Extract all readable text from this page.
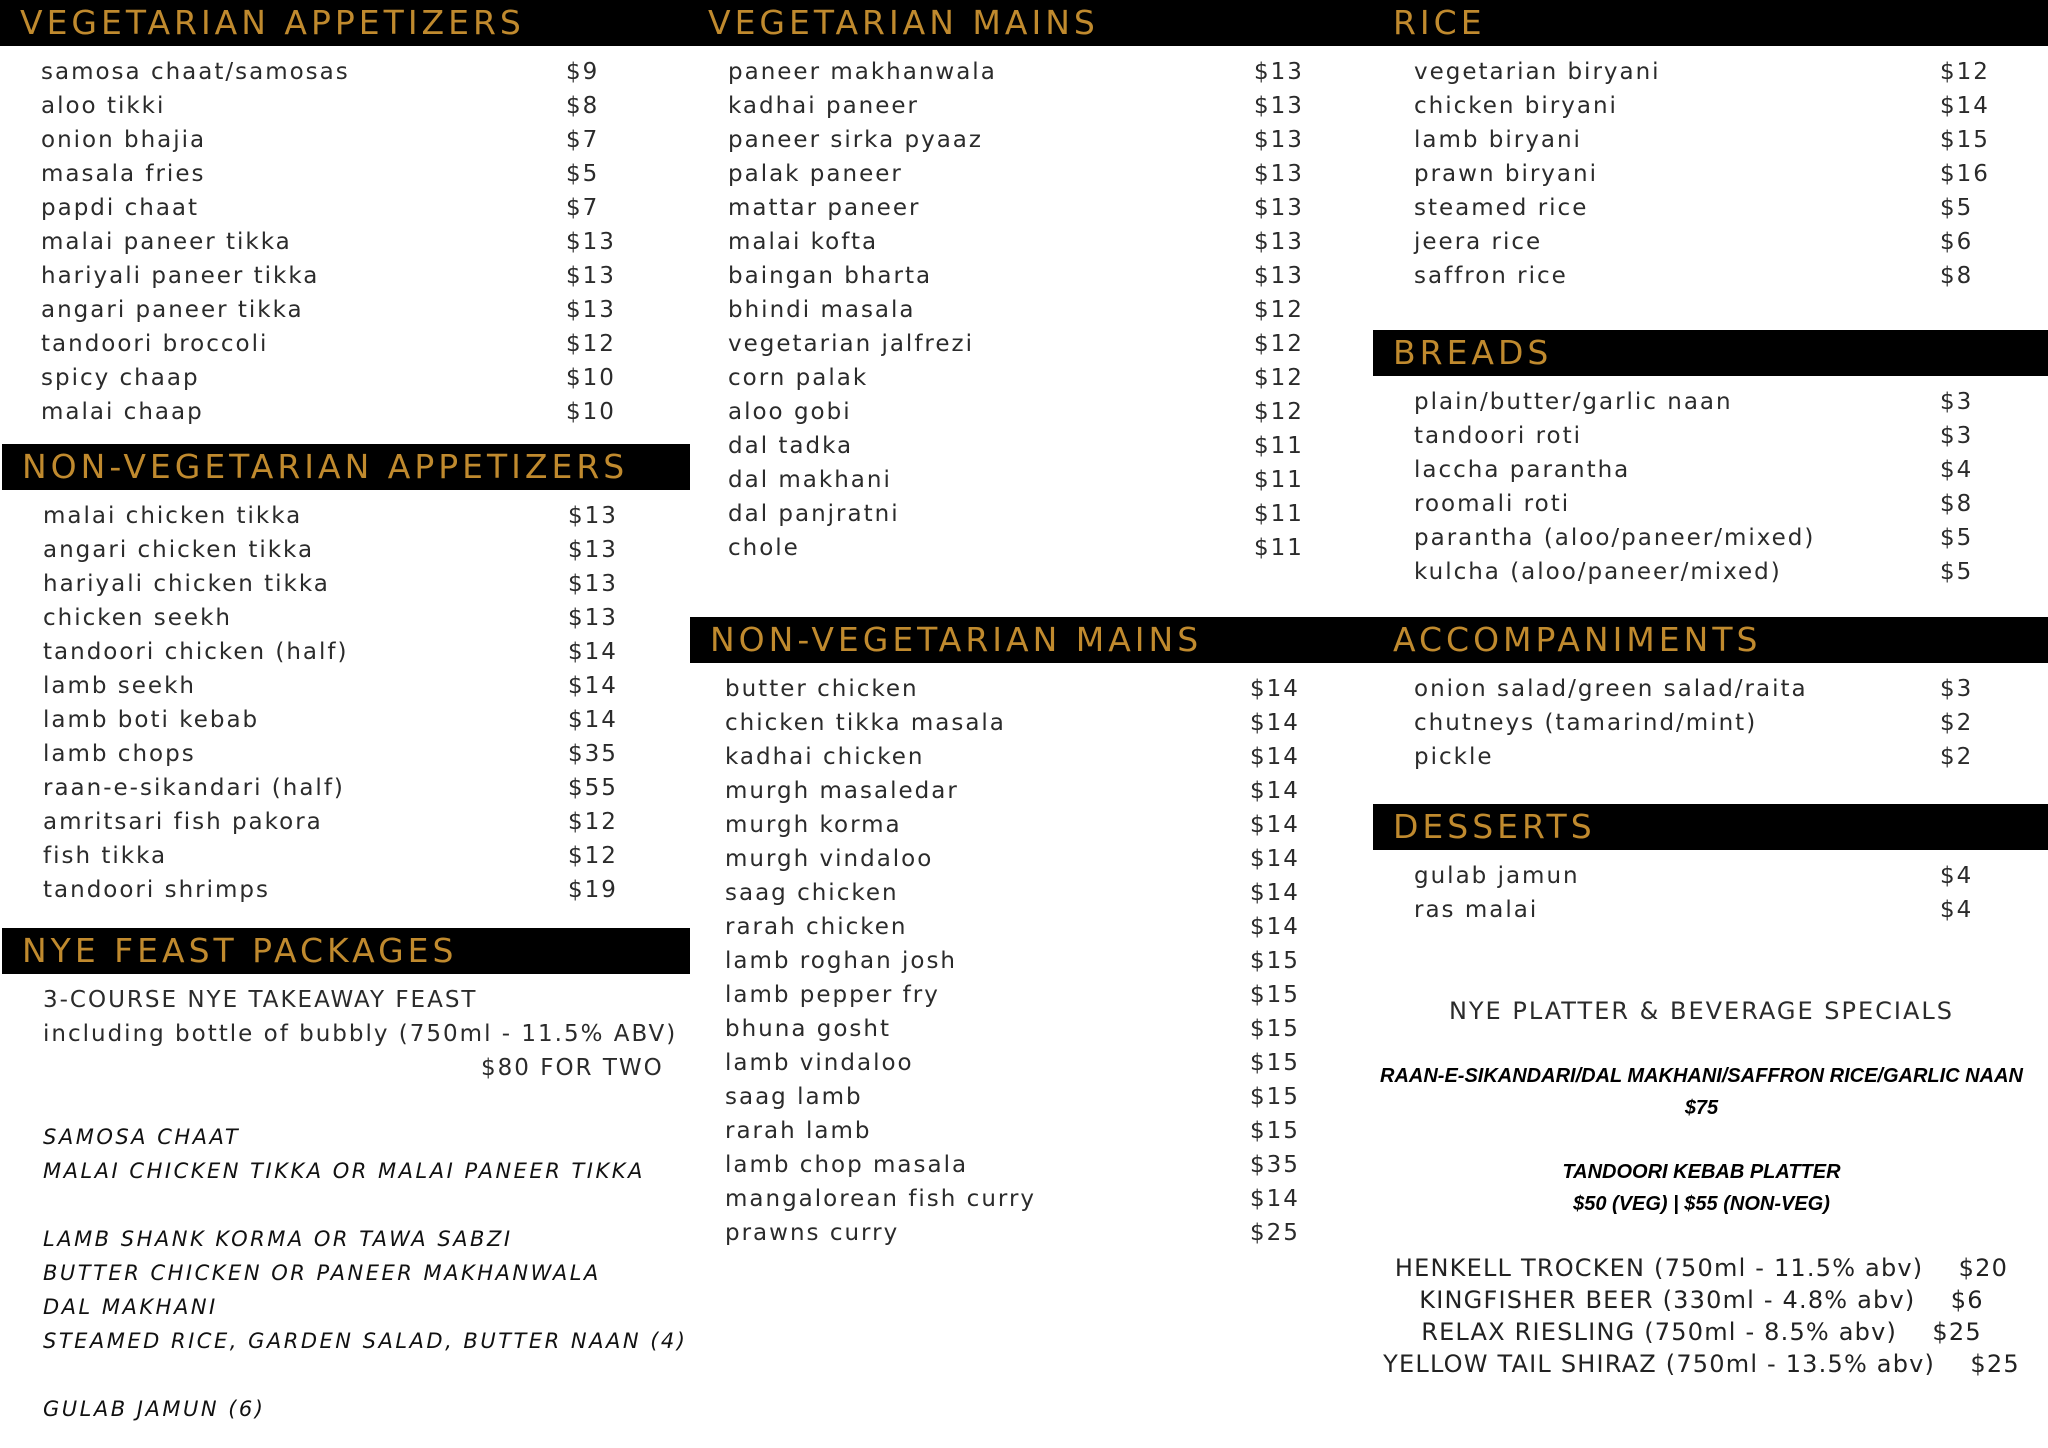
VEGETARIAN APPETIZERS
samosa chaat/samosas	$9
aloo tikki	$8
onion bhajia	$7
masala fries	$5
papdi chaat	$7
malai paneer tikka	$13
hariyali paneer tikka	$13
angari paneer tikka	$13
tandoori broccoli	$12
spicy chaap	$10
malai chaap	$10
NON-VEGETARIAN APPETIZERS
malai chicken tikka	$13
angari chicken tikka	$13
hariyali chicken tikka	$13
chicken seekh	$13
tandoori chicken (half)	$14
lamb seekh	$14
lamb boti kebab	$14
lamb chops	$35
raan-e-sikandari (half)	$55
amritsari fish pakora	$12
fish tikka	$12
tandoori shrimps	$19
NYE FEAST PACKAGES
3-COURSE NYE TAKEAWAY FEAST
including bottle of bubbly (750ml - 11.5% ABV)
$80 FOR TWO
SAMOSA CHAAT
MALAI CHICKEN TIKKA OR MALAI PANEER TIKKA
LAMB SHANK KORMA OR TAWA SABZI
BUTTER CHICKEN OR PANEER MAKHANWALA
DAL MAKHANI
STEAMED RICE, GARDEN SALAD, BUTTER NAAN (4)
GULAB JAMUN (6)
VEGETARIAN MAINS
paneer makhanwala	$13
kadhai paneer	$13
paneer sirka pyaaz	$13
palak paneer	$13
mattar paneer	$13
malai kofta	$13
baingan bharta	$13
bhindi masala	$12
vegetarian jalfrezi	$12
corn palak	$12
aloo gobi	$12
dal tadka	$11
dal makhani	$11
dal panjratni	$11
chole	$11
NON-VEGETARIAN MAINS
butter chicken	$14
chicken tikka masala	$14
kadhai chicken	$14
murgh masaledar	$14
murgh korma	$14
murgh vindaloo	$14
saag chicken	$14
rarah chicken	$14
lamb roghan josh	$15
lamb pepper fry	$15
bhuna gosht	$15
lamb vindaloo	$15
saag lamb	$15
rarah lamb	$15
lamb chop masala	$35
mangalorean fish curry	$14
prawns curry	$25
RICE
vegetarian biryani	$12
chicken biryani	$14
lamb biryani	$15
prawn biryani	$16
steamed rice	$5
jeera rice	$6
saffron rice	$8
BREADS
plain/butter/garlic naan	$3
tandoori roti	$3
laccha parantha	$4
roomali roti	$8
parantha (aloo/paneer/mixed)	$5
kulcha (aloo/paneer/mixed)	$5
ACCOMPANIMENTS
onion salad/green salad/raita	$3
chutneys (tamarind/mint)	$2
pickle	$2
DESSERTS
gulab jamun	$4
ras malai	$4
NYE PLATTER & BEVERAGE SPECIALS
RAAN-E-SIKANDARI/DAL MAKHANI/SAFFRON RICE/GARLIC NAAN
$75
TANDOORI KEBAB PLATTER
$50 (VEG) | $55 (NON-VEG)
HENKELL TROCKEN (750ml - 11.5% abv)    $20
KINGFISHER BEER (330ml - 4.8% abv)    $6
RELAX RIESLING (750ml - 8.5% abv)    $25
YELLOW TAIL SHIRAZ (750ml - 13.5% abv)    $25
